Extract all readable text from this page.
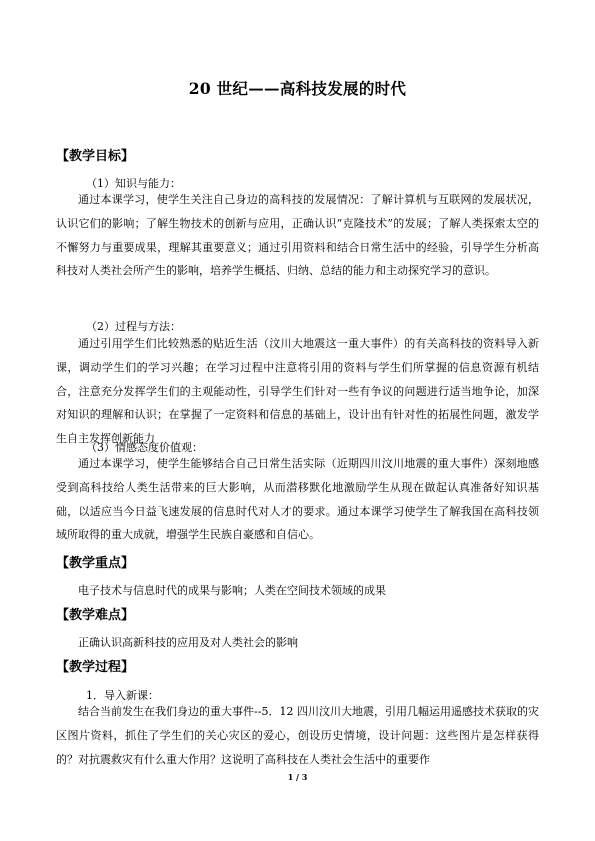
20 世纪——高科技发展的时代
【教学目标】
（1）知识与能力：
通过本课学习，使学生关注自己身边的高科技的发展情况：了解计算机与互联网的发展状况，认识它们的影响；了解生物技术的创新与应用，正确认识“克隆技术”的发展；了解人类探索太空的不懈努力与重要成果，理解其重要意义；通过引用资料和结合日常生活中的经验，引导学生分析高科技对人类社会所产生的影响，培养学生概括、归纳、总结的能力和主动探究学习的意识。
（2）过程与方法：
通过引用学生们比较熟悉的贴近生活（汶川大地震这一重大事件）的有关高科技的资料导入新课，调动学生们的学习兴趣；在学习过程中注意将引用的资料与学生们所掌握的信息资源有机结合，注意充分发挥学生们的主观能动性，引导学生们针对一些有争议的问题进行适当地争论，加深对知识的理解和认识；在掌握了一定资料和信息的基础上，设计出有针对性的拓展性问题，激发学生自主发挥创新能力
（3）情感态度价值观：
通过本课学习，使学生能够结合自己日常生活实际（近期四川汶川地震的重大事件）深刻地感受到高科技给人类生活带来的巨大影响，从而潜移默化地激励学生从现在做起认真准备好知识基础，以适应当今日益飞速发展的信息时代对人才的要求。通过本课学习使学生了解我国在高科技领域所取得的重大成就，增强学生民族自豪感和自信心。
【教学重点】
电子技术与信息时代的成果与影响；人类在空间技术领域的成果
【教学难点】
正确认识高新科技的应用及对人类社会的影响
【教学过程】
1．导入新课：
结合当前发生在我们身边的重大事件--5．12 四川汶川大地震，引用几幅运用遥感技术获取的灾区图片资料，抓住了学生们的关心灾区的爱心，创设历史情境，设计问题：这些图片是怎样获得的？对抗震救灾有什么重大作用？这说明了高科技在人类社会生活中的重要作
1 / 3
